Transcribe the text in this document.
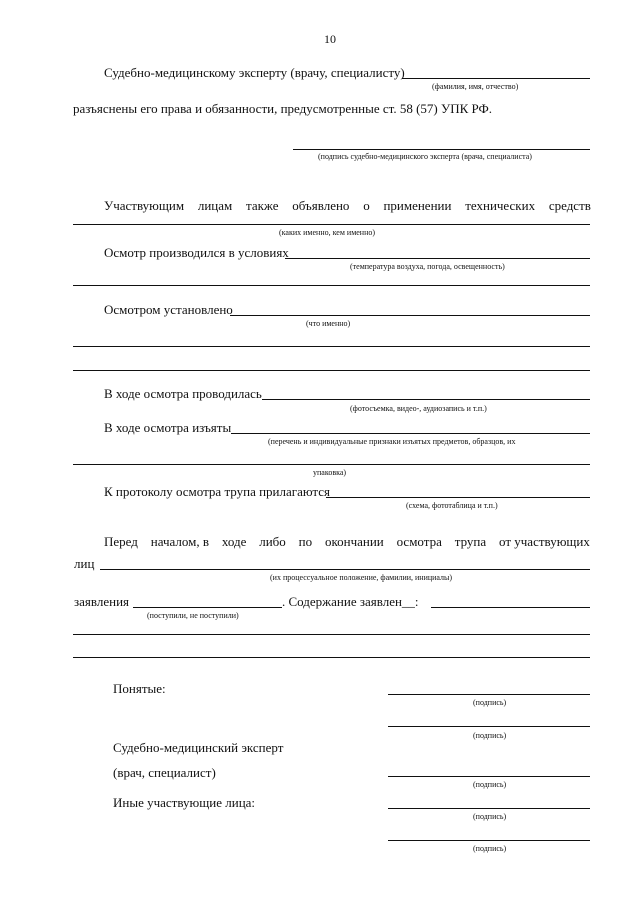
10
Судебно-медицинскому эксперту (врачу, специалисту)
(фамилия, имя, отчество)
разъяснены его права и обязанности, предусмотренные ст. 58 (57) УПК РФ.
(подпись судебно-медицинского эксперта (врача, специалиста)
Участвующим лицам также объявлено о применении технических средств
(каких именно, кем именно)
Осмотр производился в условиях
(температура воздуха, погода, освещенность)
Осмотром установлено
(что именно)
В ходе осмотра проводилась
(фотосъемка, видео-, аудиозапись и т.п.)
В ходе осмотра изъяты
(перечень и индивидуальные признаки изъятых предметов, образцов, их
упаковка)
К протоколу осмотра трупа прилагаются
(схема, фототаблица и т.п.)
Перед началом, в ходе либо по окончании осмотра трупа от участвующих
лиц
(их процессуальное положение, фамилии, инициалы)
заявления
(поступили, не поступили)
. Содержание заявлен__:
Понятые:
(подпись)
(подпись)
Судебно-медицинский эксперт
(врач, специалист)
(подпись)
Иные участвующие лица:
(подпись)
(подпись)
